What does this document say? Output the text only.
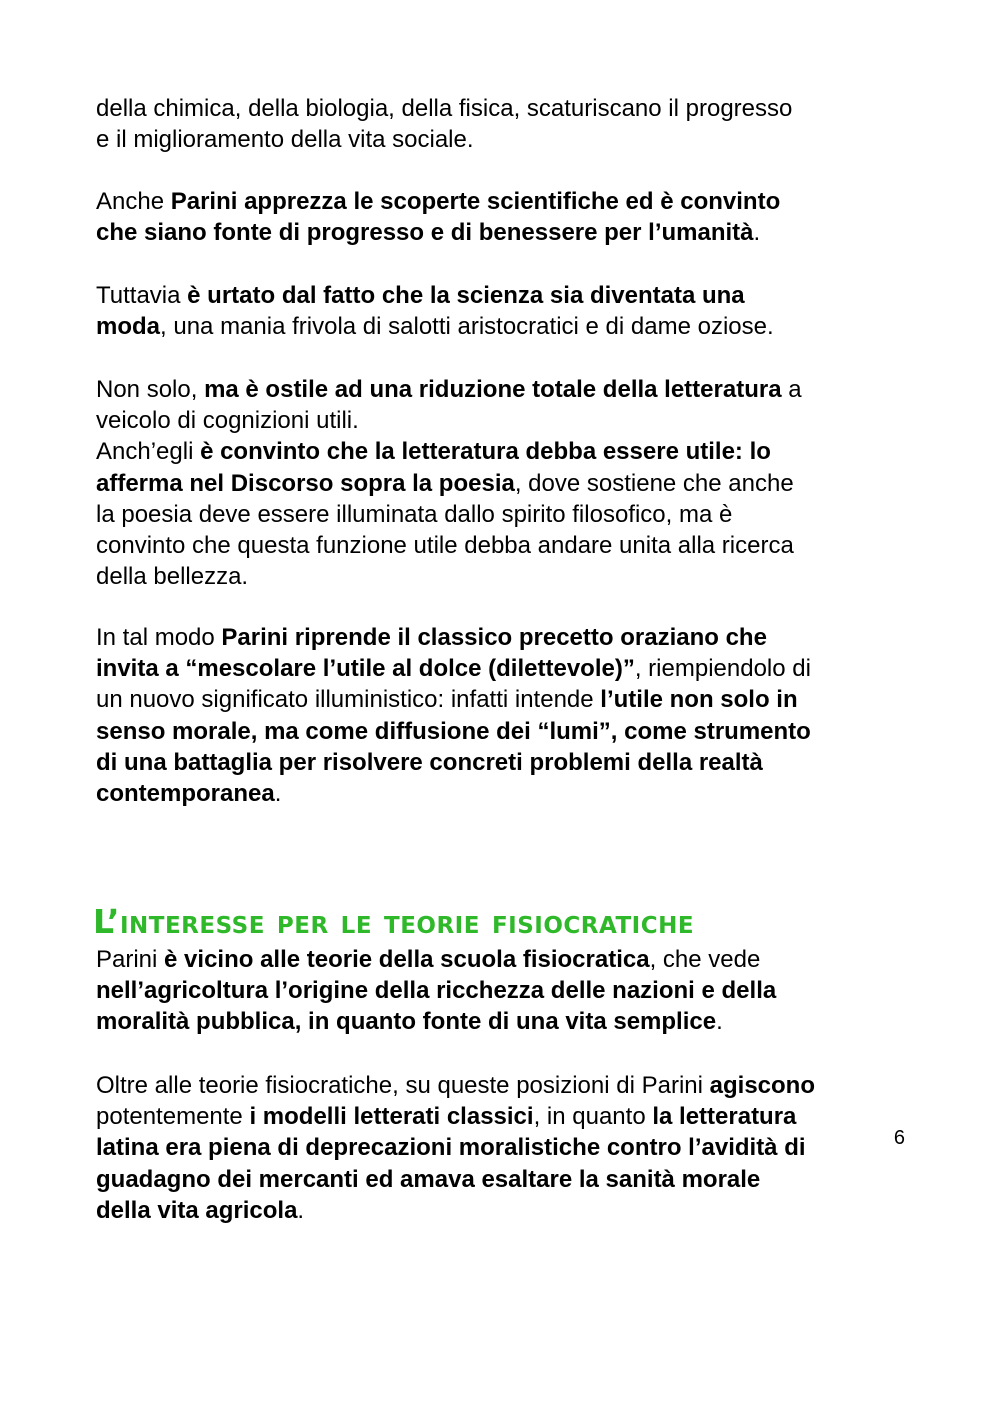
della chimica, della biologia, della fisica, scaturiscano il progresso
e il miglioramento della vita sociale.

Anche Parini apprezza le scoperte scientifiche ed è convinto
che siano fonte di progresso e di benessere per l’umanità.

Tuttavia è urtato dal fatto che la scienza sia diventata una
moda, una mania frivola di salotti aristocratici e di dame oziose.

Non solo, ma è ostile ad una riduzione totale della letteratura a
veicolo di cognizioni utili.
Anch’egli è convinto che la letteratura debba essere utile: lo
afferma nel Discorso sopra la poesia, dove sostiene che anche
la poesia deve essere illuminata dallo spirito filosofico, ma è
convinto che questa funzione utile debba andare unita alla ricerca
della bellezza.

In tal modo Parini riprende il classico precetto oraziano che
invita a “mescolare l’utile al dolce (dilettevole)”, riempiendolo di
un nuovo significato illuministico: infatti intende l’utile non solo in
senso morale, ma come diffusione dei “lumi”, come strumento
di una battaglia per risolvere concreti problemi della realtà
contemporanea.

L’interesse per le teorie fisiocratiche

Parini è vicino alle teorie della scuola fisiocratica, che vede
nell’agricoltura l’origine della ricchezza delle nazioni e della
moralità pubblica, in quanto fonte di una vita semplice.

Oltre alle teorie fisiocratiche, su queste posizioni di Parini agiscono
potentemente i modelli letterati classici, in quanto la letteratura
latina era piena di deprecazioni moralistiche contro l’avidità di
guadagno dei mercanti ed amava esaltare la sanità morale
della vita agricola.

6
